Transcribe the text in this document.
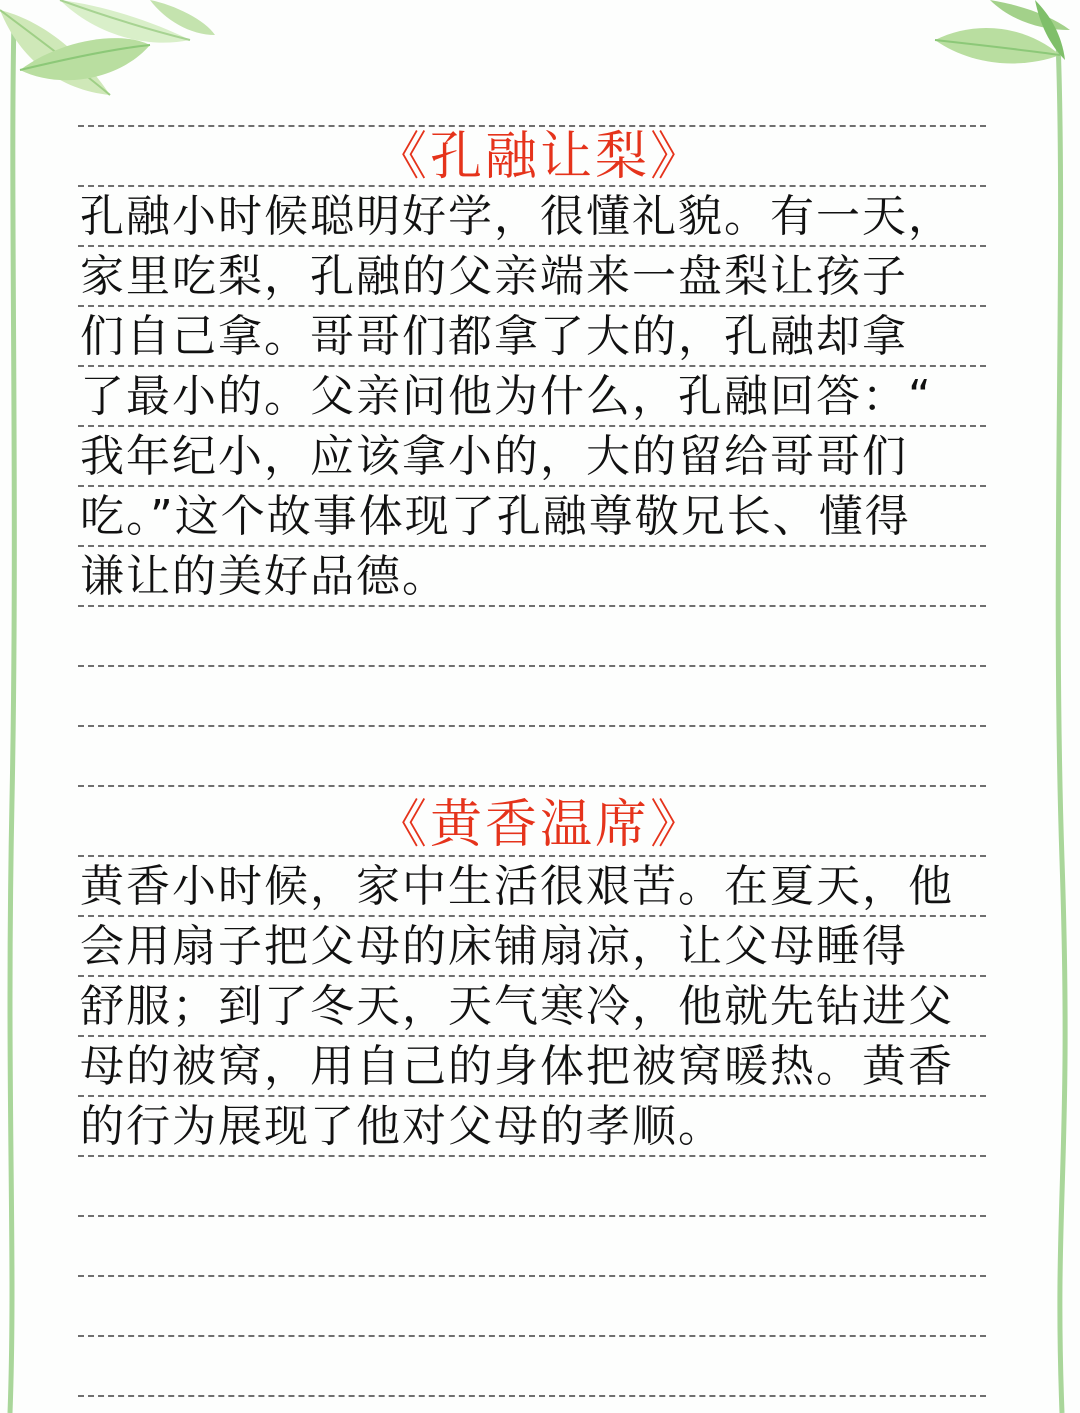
《孔融让梨》
孔融小时候聪明好学，很懂礼貌。有一天，
家里吃梨，孔融的父亲端来一盘梨让孩子
们自己拿。哥哥们都拿了大的，孔融却拿
了最小的。父亲问他为什么，孔融回答：“
我年纪小，应该拿小的，大的留给哥哥们
吃。”这个故事体现了孔融尊敬兄长、懂得
谦让的美好品德。
《黄香温席》
黄香小时候，家中生活很艰苦。在夏天，他
会用扇子把父母的床铺扇凉，让父母睡得
舒服；到了冬天，天气寒冷，他就先钻进父
母的被窝，用自己的身体把被窝暖热。黄香
的行为展现了他对父母的孝顺。
